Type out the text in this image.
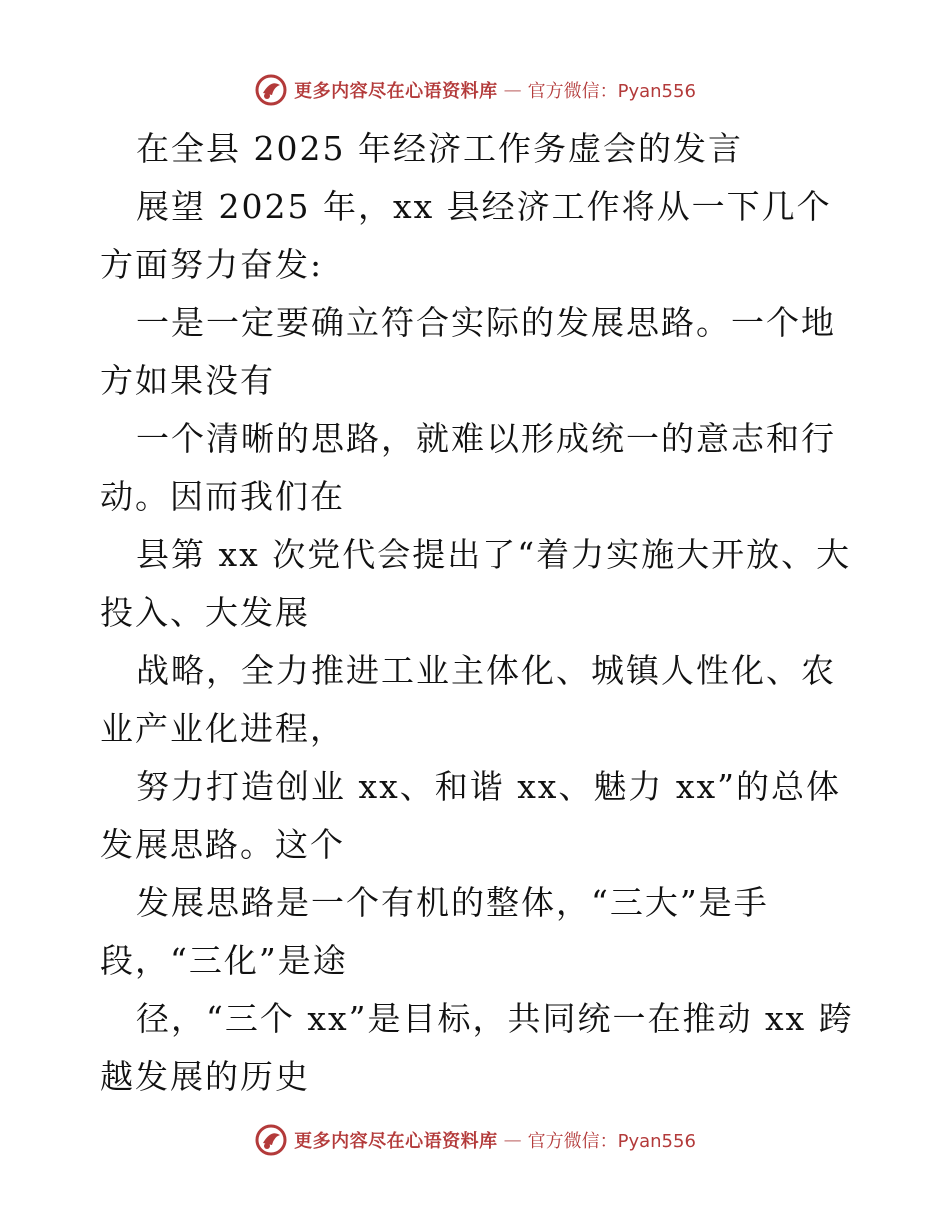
更多内容尽在心语资料库 — 官方微信：Pyan556

在全县 2025 年经济工作务虚会的发言

展望 2025 年，xx 县经济工作将从一下几个方面努力奋发:

一是一定要确立符合实际的发展思路。一个地方如果没有

一个清晰的思路，就难以形成统一的意志和行动。因而我们在

县第 xx 次党代会提出了“着力实施大开放、大投入、大发展

战略，全力推进工业主体化、城镇人性化、农业产业化进程，

努力打造创业 xx、和谐 xx、魅力 xx”的总体发展思路。这个

发展思路是一个有机的整体，“三大”是手段，“三化”是途

径，“三个 xx”是目标，共同统一在推动 xx 跨越发展的历史

更多内容尽在心语资料库 — 官方微信：Pyan556
